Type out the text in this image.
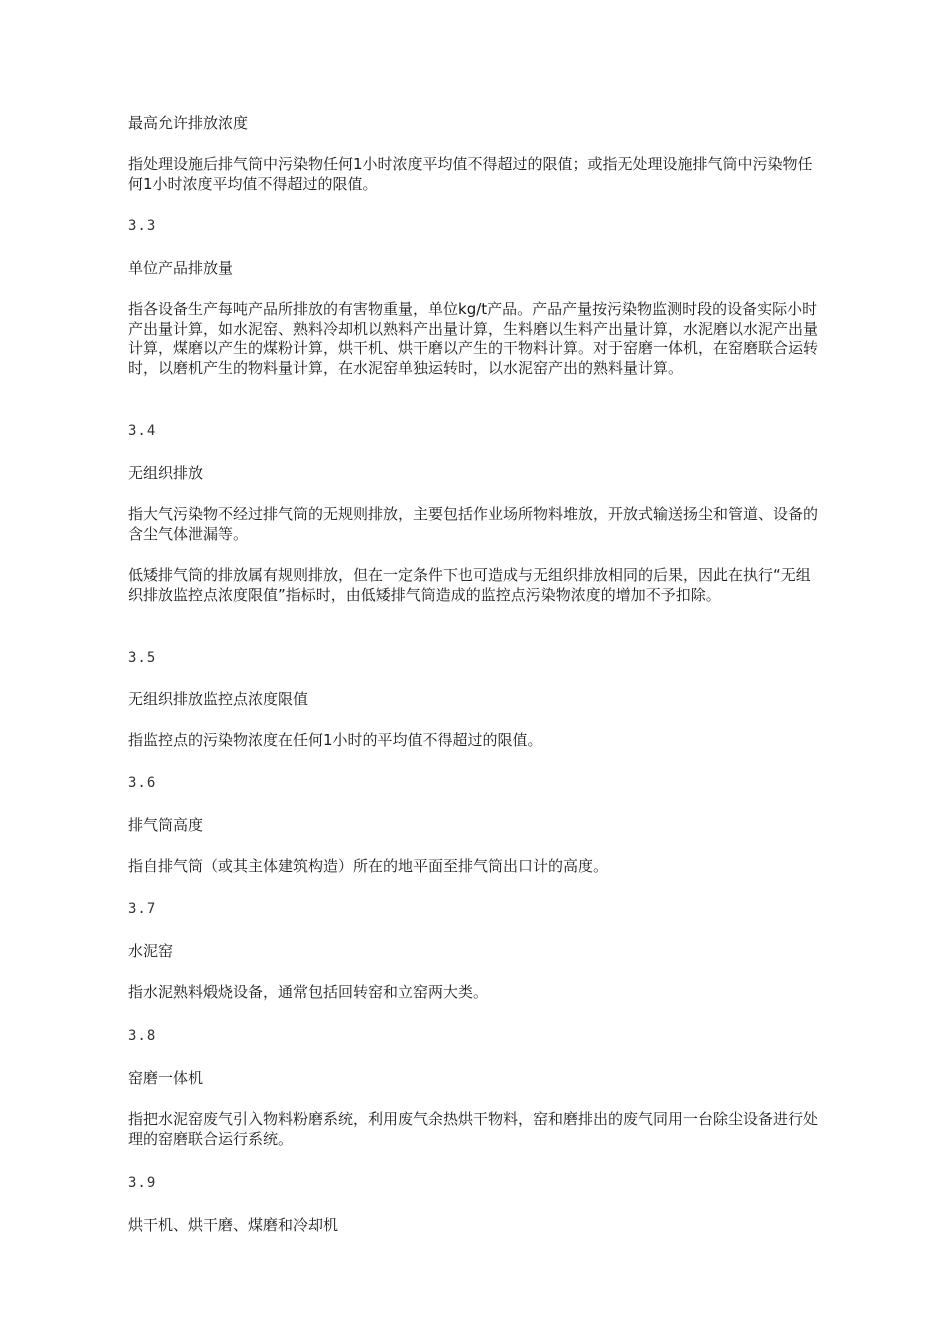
最高允许排放浓度

指处理设施后排气筒中污染物任何1小时浓度平均值不得超过的限值；或指无处理设施排气筒中污染物任何1小时浓度平均值不得超过的限值。

3.3

单位产品排放量

指各设备生产每吨产品所排放的有害物重量，单位kg/t产品。产品产量按污染物监测时段的设备实际小时产出量计算，如水泥窑、熟料冷却机以熟料产出量计算，生料磨以生料产出量计算，水泥磨以水泥产出量计算，煤磨以产生的煤粉计算，烘干机、烘干磨以产生的干物料计算。对于窑磨一体机，在窑磨联合运转时，以磨机产生的物料量计算，在水泥窑单独运转时，以水泥窑产出的熟料量计算。

3.4

无组织排放

指大气污染物不经过排气筒的无规则排放，主要包括作业场所物料堆放，开放式输送扬尘和管道、设备的含尘气体泄漏等。

低矮排气筒的排放属有规则排放，但在一定条件下也可造成与无组织排放相同的后果，因此在执行“无组织排放监控点浓度限值”指标时，由低矮排气筒造成的监控点污染物浓度的增加不予扣除。

3.5

无组织排放监控点浓度限值

指监控点的污染物浓度在任何1小时的平均值不得超过的限值。

3.6

排气筒高度

指自排气筒（或其主体建筑构造）所在的地平面至排气筒出口计的高度。

3.7

水泥窑

指水泥熟料煅烧设备，通常包括回转窑和立窑两大类。

3.8

窑磨一体机

指把水泥窑废气引入物料粉磨系统，利用废气余热烘干物料，窑和磨排出的废气同用一台除尘设备进行处理的窑磨联合运行系统。

3.9

烘干机、烘干磨、煤磨和冷却机
